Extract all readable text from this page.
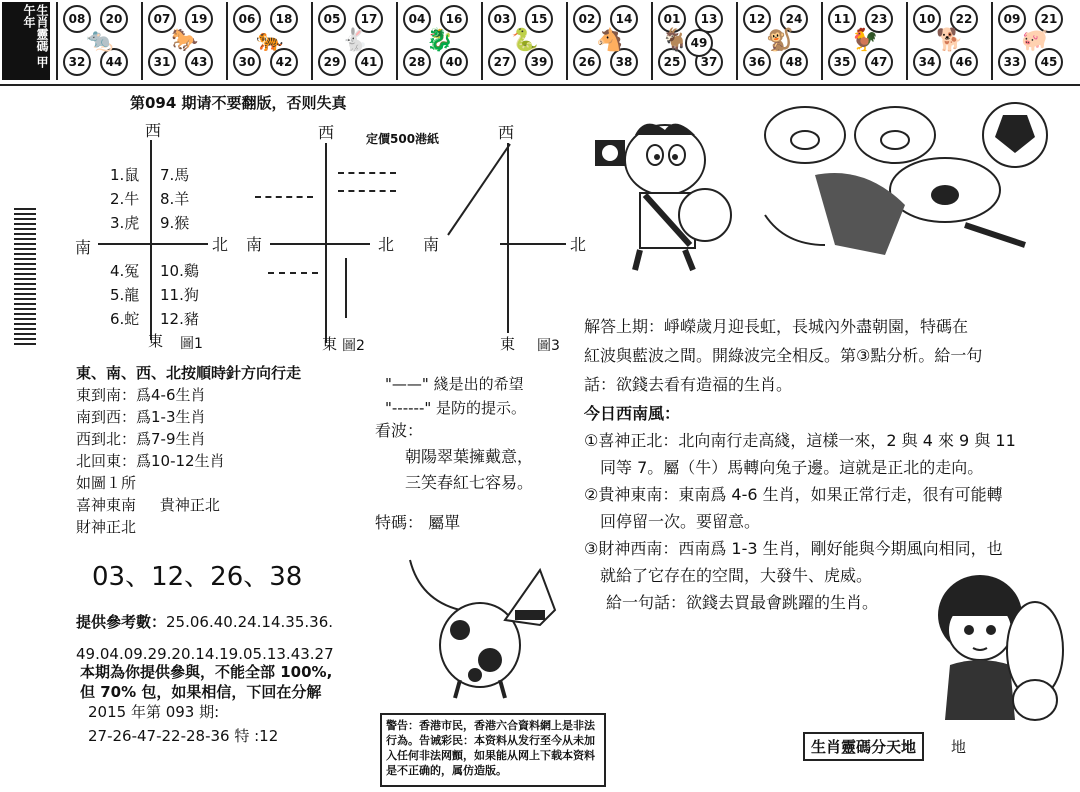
生肖靈碼 甲午年	08	20
32	44
🐀
07	19
31	43
🐎
06	18
30	42
🐅
05	17
29	41
🐇
04	16
28	40
🐉
03	15
27	39
🐍
02	14
26	38
🐴
01	13
25	37
49
🐐
12	24
36	48
🐒
11	23
35	47
🐓
10	22
34	46
🐕
09	21
33	45
🐖
第094 期请不要翻版，否则失真
定價500港紙
西
南	北
東 圖1
1.鼠
2.牛
3.虎
4.冤
5.龍
6.蛇
7.馬
8.羊
9.猴
10.鷄
11.狗
12.豬
西
南	北
東 圖2
西
南	北
東 圖3
東、南、西、北按順時針方向行走
東到南：爲4-6生肖
南到西：爲1-3生肖
西到北：爲7-9生肖
北回東：爲10-12生肖
如圖１所
喜神東南 貴神正北
財神正北
"——" 綫是出的希望
"------" 是防的提示。
看波：
朝陽翠葉擁戴意，
三笑春紅七容易。
特碼： 屬單
03、12、26、38
提供參考數：25.06.40.24.14.35.36.
49.04.09.29.20.14.19.05.13.43.27
本期為你提供參與，不能全部 100%,
但 70% 包，如果相信，下回在分解
2015 年第 093 期:
27-26-47-22-28-36 特 :12
警告：香港市民，香港六合資料網上是非法行為。告诫彩民：本资料从发行至今从未加入任何非法网顫，如果能从网上下载本资料是不正确的，属仿造版。
解答上期：崢嶸歲月迎長虹，長城內外盡朝園，特碼在
紅波與藍波之間。開綠波完全相反。第③點分析。給一句
話：欲錢去看有造福的生肖。
今日西南風：
①喜神正北：北向南行走高綫，這樣一來，2 與 4 來 9 與 11
同等 7。屬（牛）馬轉向兔子邊。這就是正北的走向。
②貴神東南：東南爲 4-6 生肖，如果正常行走，很有可能轉
回停留一次。要留意。
③財神西南：西南爲 1-3 生肖，剛好能與今期風向相同，也
就給了它存在的空間，大發牛、虎威。
給一句話：欲錢去買最會跳躍的生肖。
生肖靈碼分天地	地
